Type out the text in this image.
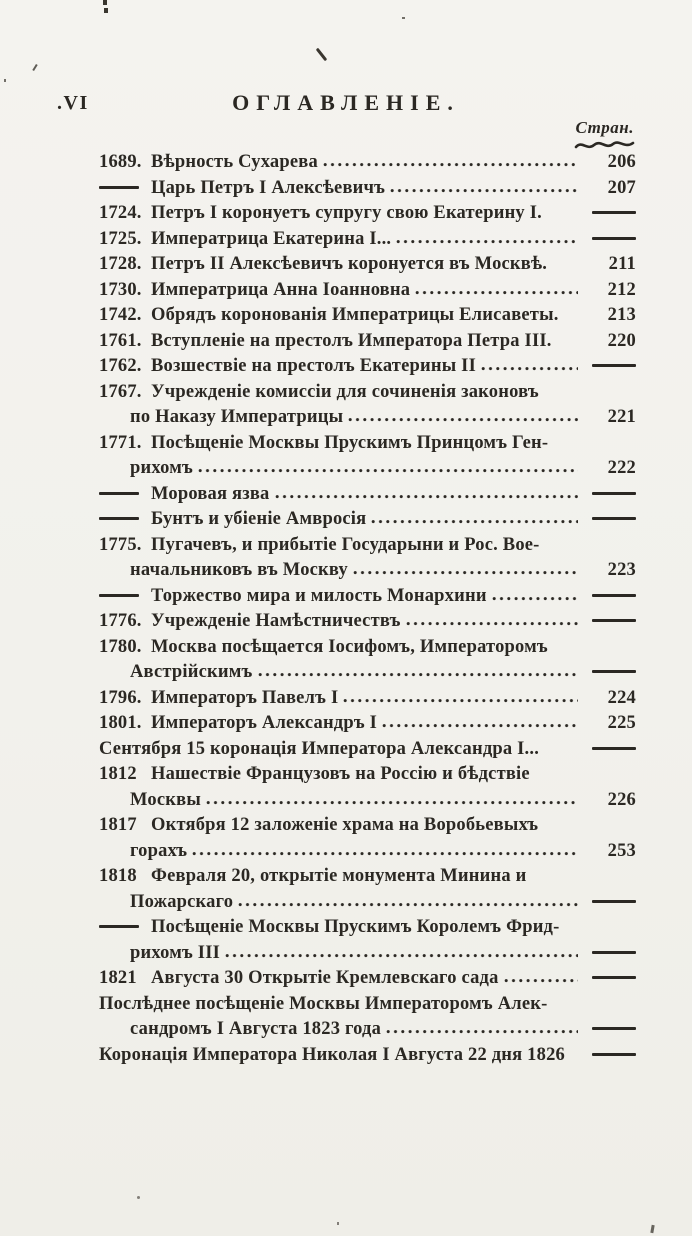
.VI	ОГЛАВЛЕНІЕ.
Стран.
1689. Вѣрность Сухарева	206
Царь Петръ I Алексѣевичъ	207
1724. Петръ I коронуетъ супругу свою Екатерину I.
1725. Императрица Екатерина I...
1728. Петръ II Алексѣевичъ коронуется въ Москвѣ.	211
1730. Императрица Анна Іоанновна	212
1742. Обрядъ коронованія Императрицы Елисаветы.	213
1761. Вступленіе на престолъ Императора Петра III.	220
1762. Возшествіе на престолъ Екатерины II
1767. Учрежденіе комиссіи для сочиненія законовъ
по Наказу Императрицы	221
1771. Посѣщеніе Москвы Прускимъ Принцомъ Ген-
рихомъ	222
Моровая язва
Бунтъ и убіеніе Амвросія
1775. Пугачевъ, и прибытіе Государыни и Рос. Вое-
начальниковъ въ Москву	223
Торжество мира и милость Монархини
1776. Учрежденіе Намѣстничествъ
1780. Москва посѣщается Іосифомъ, Императоромъ
Австрійскимъ
1796. Императоръ Павелъ I	224
1801. Императоръ Александръ I	225
Сентября 15 коронація Императора Александра I...
1812 Нашествіе Французовъ на Россію и бѣдствіе
Москвы	226
1817 Октября 12 заложеніе храма на Воробьевыхъ
горахъ	253
1818 Февраля 20, открытіе монумента Минина и
Пожарскаго
Посѣщеніе Москвы Прускимъ Королемъ Фрид-
рихомъ III
1821 Августа 30 Открытіе Кремлевскаго сада
Послѣднее посѣщеніе Москвы Императоромъ Алек-
сандромъ I Августа 1823 года
Коронація Императора Николая I Августа 22 дня 1826
